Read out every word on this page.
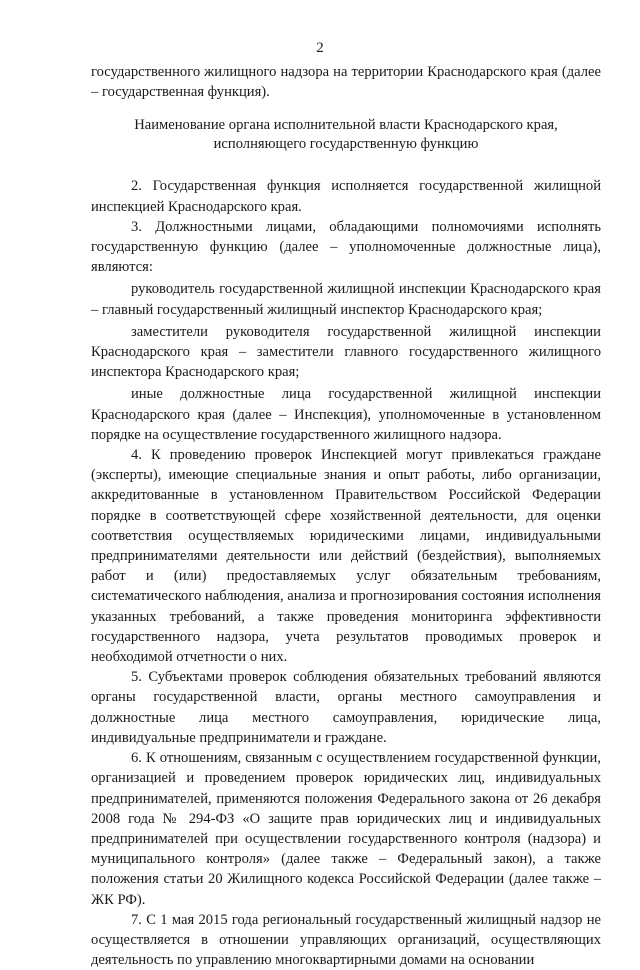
2

государственного жилищного надзора на территории Краснодарского края (далее – государственная функция).

Наименование органа исполнительной власти Краснодарского края,
исполняющего государственную функцию

2. Государственная функция исполняется государственной жилищной инспекцией Краснодарского края.

3. Должностными лицами, обладающими полномочиями исполнять государственную функцию (далее – уполномоченные должностные лица), являются:

руководитель государственной жилищной инспекции Краснодарского края – главный государственный жилищный инспектор Краснодарского края;

заместители руководителя государственной жилищной инспекции Краснодарского края – заместители главного государственного жилищного инспектора Краснодарского края;

иные должностные лица государственной жилищной инспекции Краснодарского края (далее – Инспекция), уполномоченные в установленном порядке на осуществление государственного жилищного надзора.

4. К проведению проверок Инспекцией могут привлекаться граждане (эксперты), имеющие специальные знания и опыт работы, либо организации, аккредитованные в установленном Правительством Российской Федерации порядке в соответствующей сфере хозяйственной деятельности, для оценки соответствия осуществляемых юридическими лицами, индивидуальными предпринимателями деятельности или действий (бездействия), выполняемых работ и (или) предоставляемых услуг обязательным требованиям, систематического наблюдения, анализа и прогнозирования состояния исполнения указанных требований, а также проведения мониторинга эффективности государственного надзора, учета результатов проводимых проверок и необходимой отчетности о них.

5. Субъектами проверок соблюдения обязательных требований являются органы государственной власти, органы местного самоуправления и должностные лица местного самоуправления, юридические лица, индивидуальные предприниматели и граждане.

6. К отношениям, связанным с осуществлением государственной функции, организацией и проведением проверок юридических лиц, индивидуальных предпринимателей, применяются положения Федерального закона от 26 декабря 2008 года № 294-ФЗ «О защите прав юридических лиц и индивидуальных предпринимателей при осуществлении государственного контроля (надзора) и муниципального контроля» (далее также – Федеральный закон), а также положения статьи 20 Жилищного кодекса Российской Федерации (далее также – ЖК РФ).

7. С 1 мая 2015 года региональный государственный жилищный надзор не осуществляется в отношении управляющих организаций, осуществляющих деятельность по управлению многоквартирными домами на основании
